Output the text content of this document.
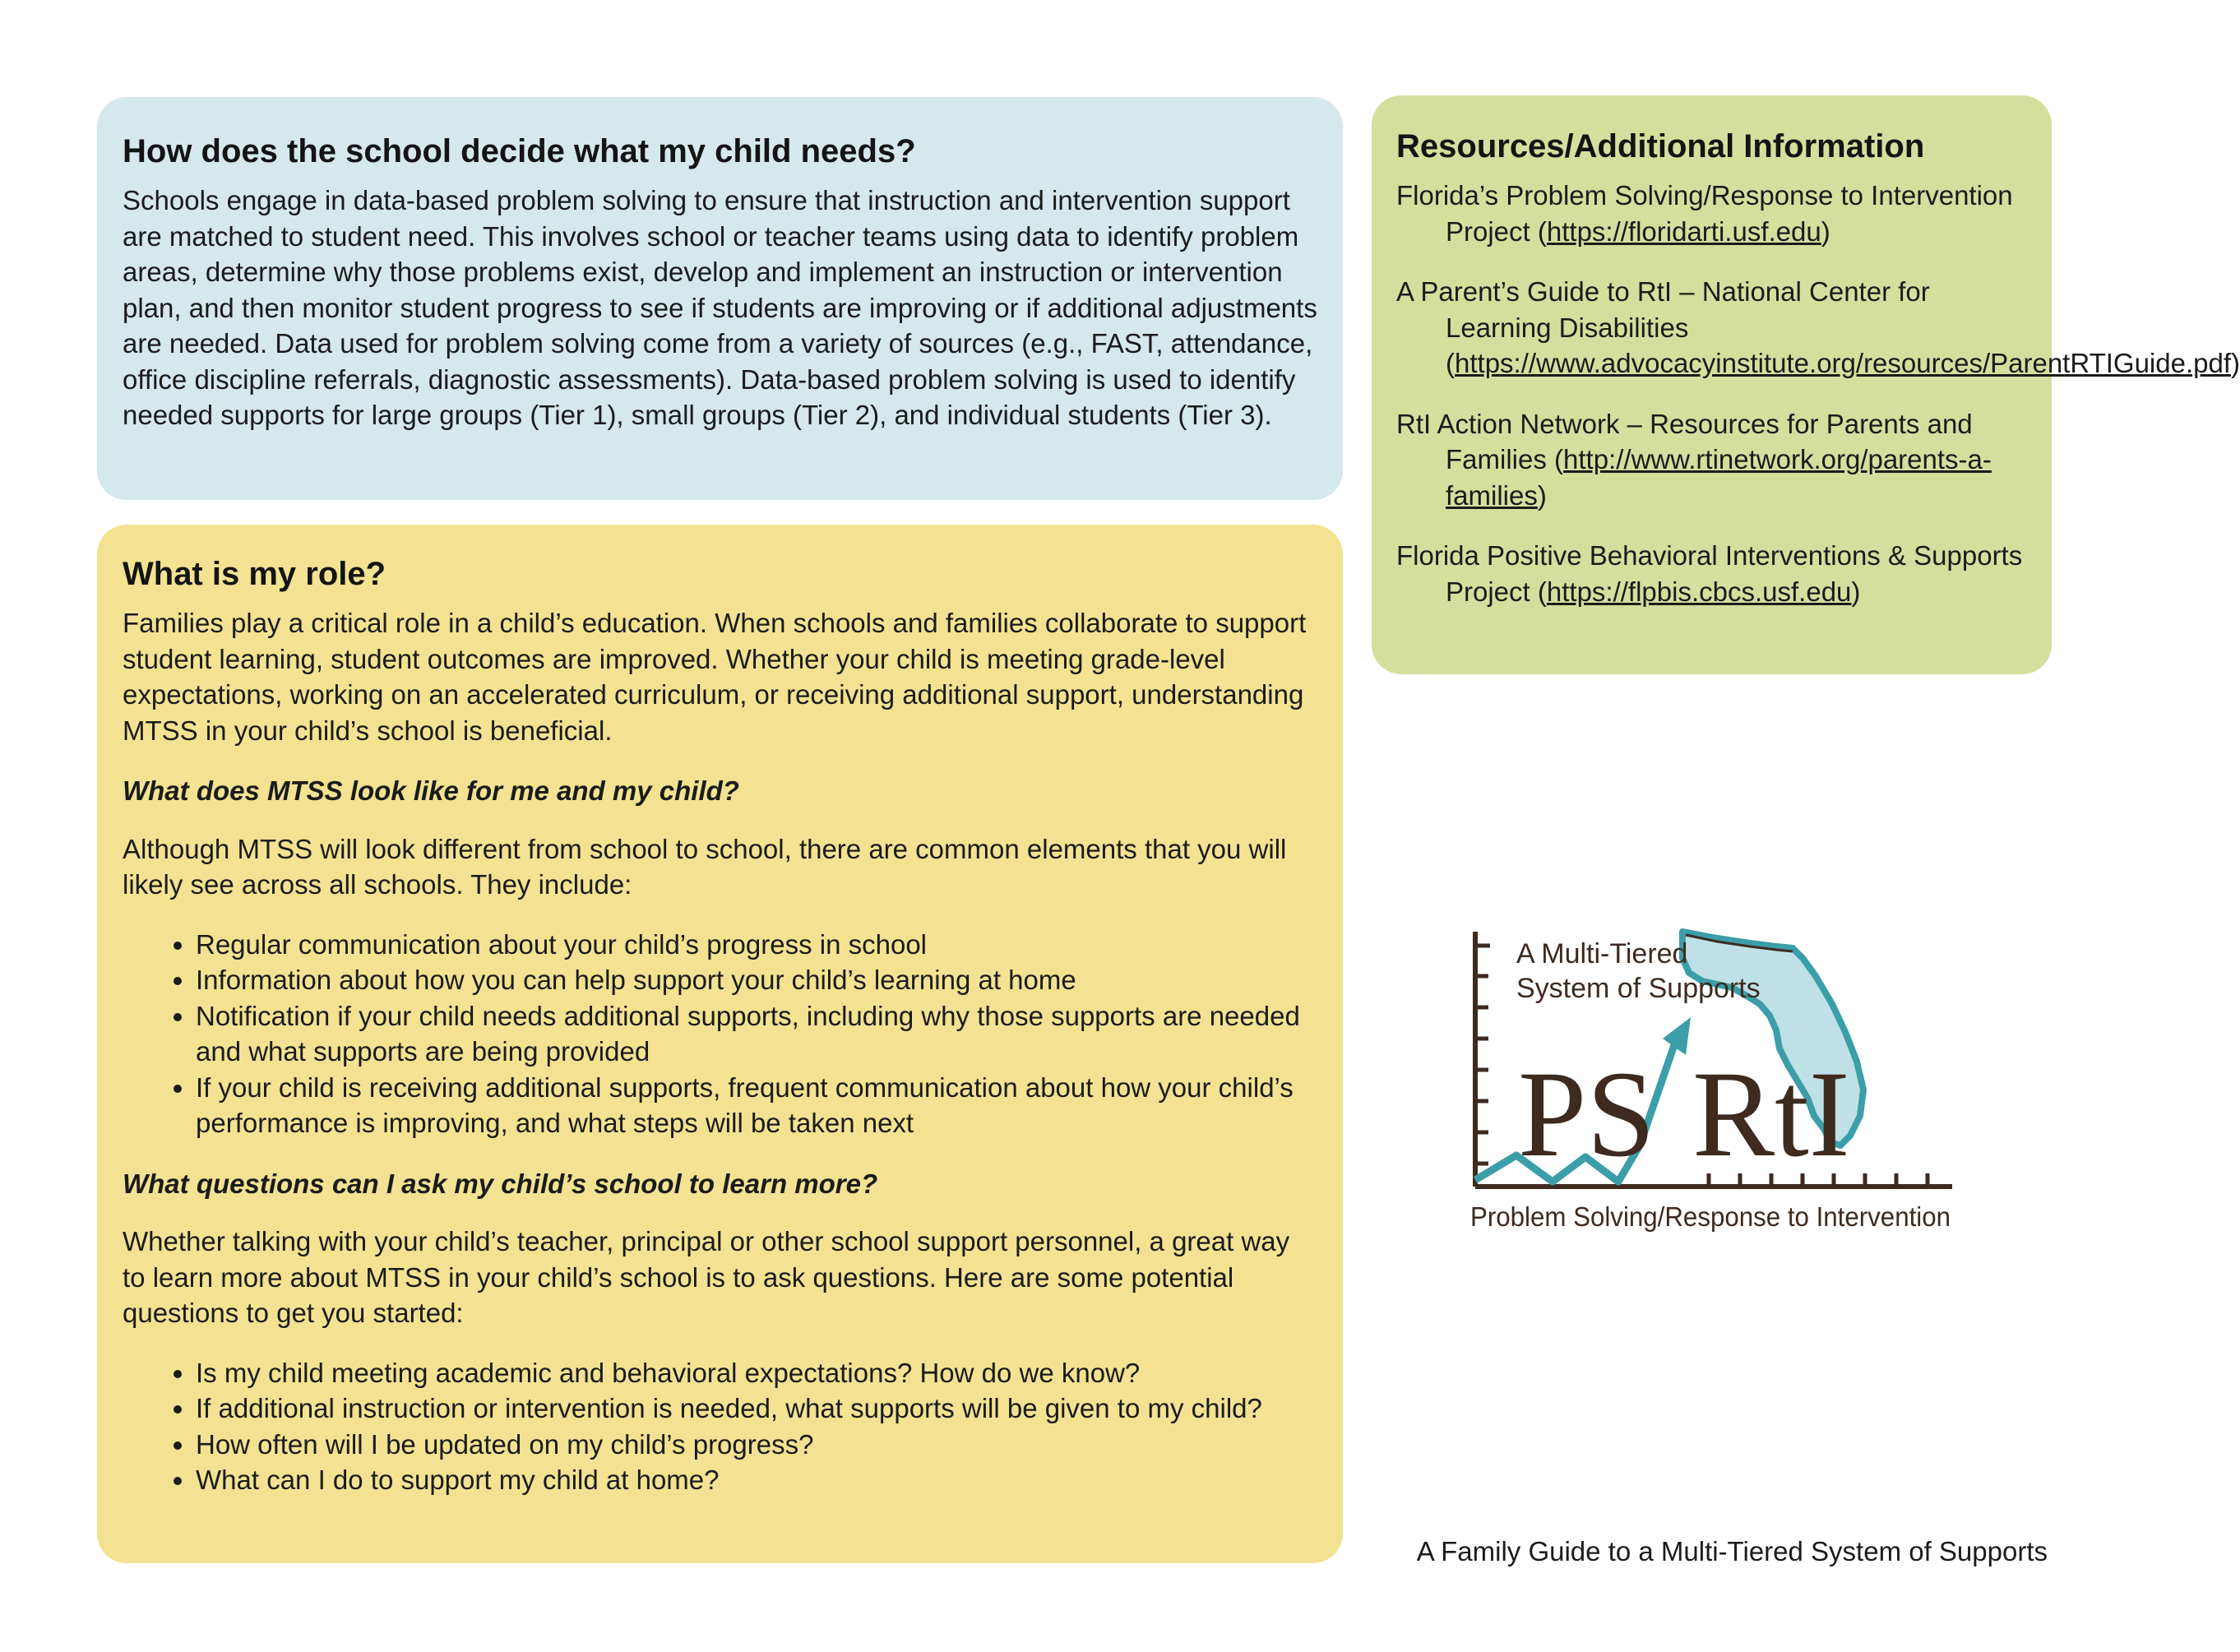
How does the school decide what my child needs?

Schools engage in data-based problem solving to ensure that instruction and intervention support are matched to student need. This involves school or teacher teams using data to identify problem areas, determine why those problems exist, develop and implement an instruction or intervention plan, and then monitor student progress to see if students are improving or if additional adjustments are needed. Data used for problem solving come from a variety of sources (e.g., FAST, attendance, office discipline referrals, diagnostic assessments). Data-based problem solving is used to identify needed supports for large groups (Tier 1), small groups (Tier 2), and individual students (Tier 3).

What is my role?

Families play a critical role in a child’s education. When schools and families collaborate to support student learning, student outcomes are improved. Whether your child is meeting grade-level expectations, working on an accelerated curriculum, or receiving additional support, understanding MTSS in your child’s school is beneficial.

What does MTSS look like for me and my child?

Although MTSS will look different from school to school, there are common elements that you will likely see across all schools. They include:

• Regular communication about your child’s progress in school
• Information about how you can help support your child’s learning at home
• Notification if your child needs additional supports, including why those supports are needed and what supports are being provided
• If your child is receiving additional supports, frequent communication about how your child’s performance is improving, and what steps will be taken next

What questions can I ask my child’s school to learn more?

Whether talking with your child’s teacher, principal or other school support personnel, a great way to learn more about MTSS in your child’s school is to ask questions. Here are some potential questions to get you started:

• Is my child meeting academic and behavioral expectations? How do we know?
• If additional instruction or intervention is needed, what supports will be given to my child?
• How often will I be updated on my child’s progress?
• What can I do to support my child at home?
Resources/Additional Information

Florida’s Problem Solving/Response to Intervention Project (https://floridarti.usf.edu)

A Parent’s Guide to RtI – National Center for Learning Disabilities (https://www.advocacyinstitute.org/resources/ParentRTIGuide.pdf)

RtI Action Network – Resources for Parents and Families (http://www.rtinetwork.org/parents-a-families)

Florida Positive Behavioral Interventions & Supports Project (https://flpbis.cbcs.usf.edu)

A Multi-Tiered
System of Supports
PS RtI
Problem Solving/Response to Intervention
A Family Guide to a Multi-Tiered System of Supports
